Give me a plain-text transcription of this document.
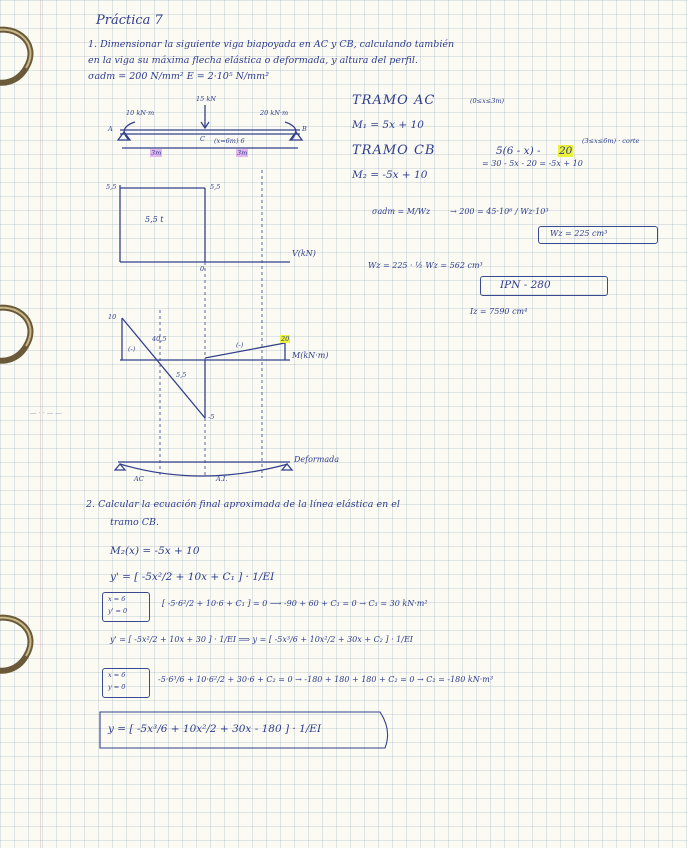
Práctica 7
1. Dimensionar la siguiente viga biapoyada en AC y CB, calculando también
en la viga su máxima flecha elástica o deformada, y altura del perfil.
σadm = 200 N/mm² E = 2·10⁵ N/mm²
10 kN·m
15 kN
20 kN·m
A	B
C (x=6m) 6
3m	3m
5,5	5,5
5,5 t
V(kN)
0
10
(-)
40,5
(-)
20
5,5
-5
M(kN·m)
Deformada
AC	A.I.
— · · — —
TRAMO AC	(0≤x≤3m)
M₁ = 5x + 10
TRAMO CB	5(6 - x) - 20
(3≤x≤6m) · corte
= 30 - 5x - 20 = -5x + 10
M₂ = -5x + 10
σadm = M/Wz → 200 = 45·10⁶ / Wz·10³
Wz = 225 cm³
Wz = 225 · ½ Wz = 562 cm³
IPN - 280
Iz = 7590 cm⁴
2. Calcular la ecuación final aproximada de la línea elástica en el
tramo CB.
M₂(x) = -5x + 10
y' = [ -5x²/2 + 10x + C₁ ] · 1/EI
x = 6
y' = 0
[ -5·6²/2 + 10·6 + C₁ ] = 0 ⟶ -90 + 60 + C₁ = 0 → C₁ = 30 kN·m²
y' = [ -5x²/2 + 10x + 30 ] · 1/EI ⟹ y = [ -5x³/6 + 10x²/2 + 30x + C₂ ] · 1/EI
x = 6
y = 0
-5·6³/6 + 10·6²/2 + 30·6 + C₂ = 0 → -180 + 180 + 180 + C₂ = 0 → C₂ = -180 kN·m³
y = [ -5x³/6 + 10x²/2 + 30x - 180 ] · 1/EI
